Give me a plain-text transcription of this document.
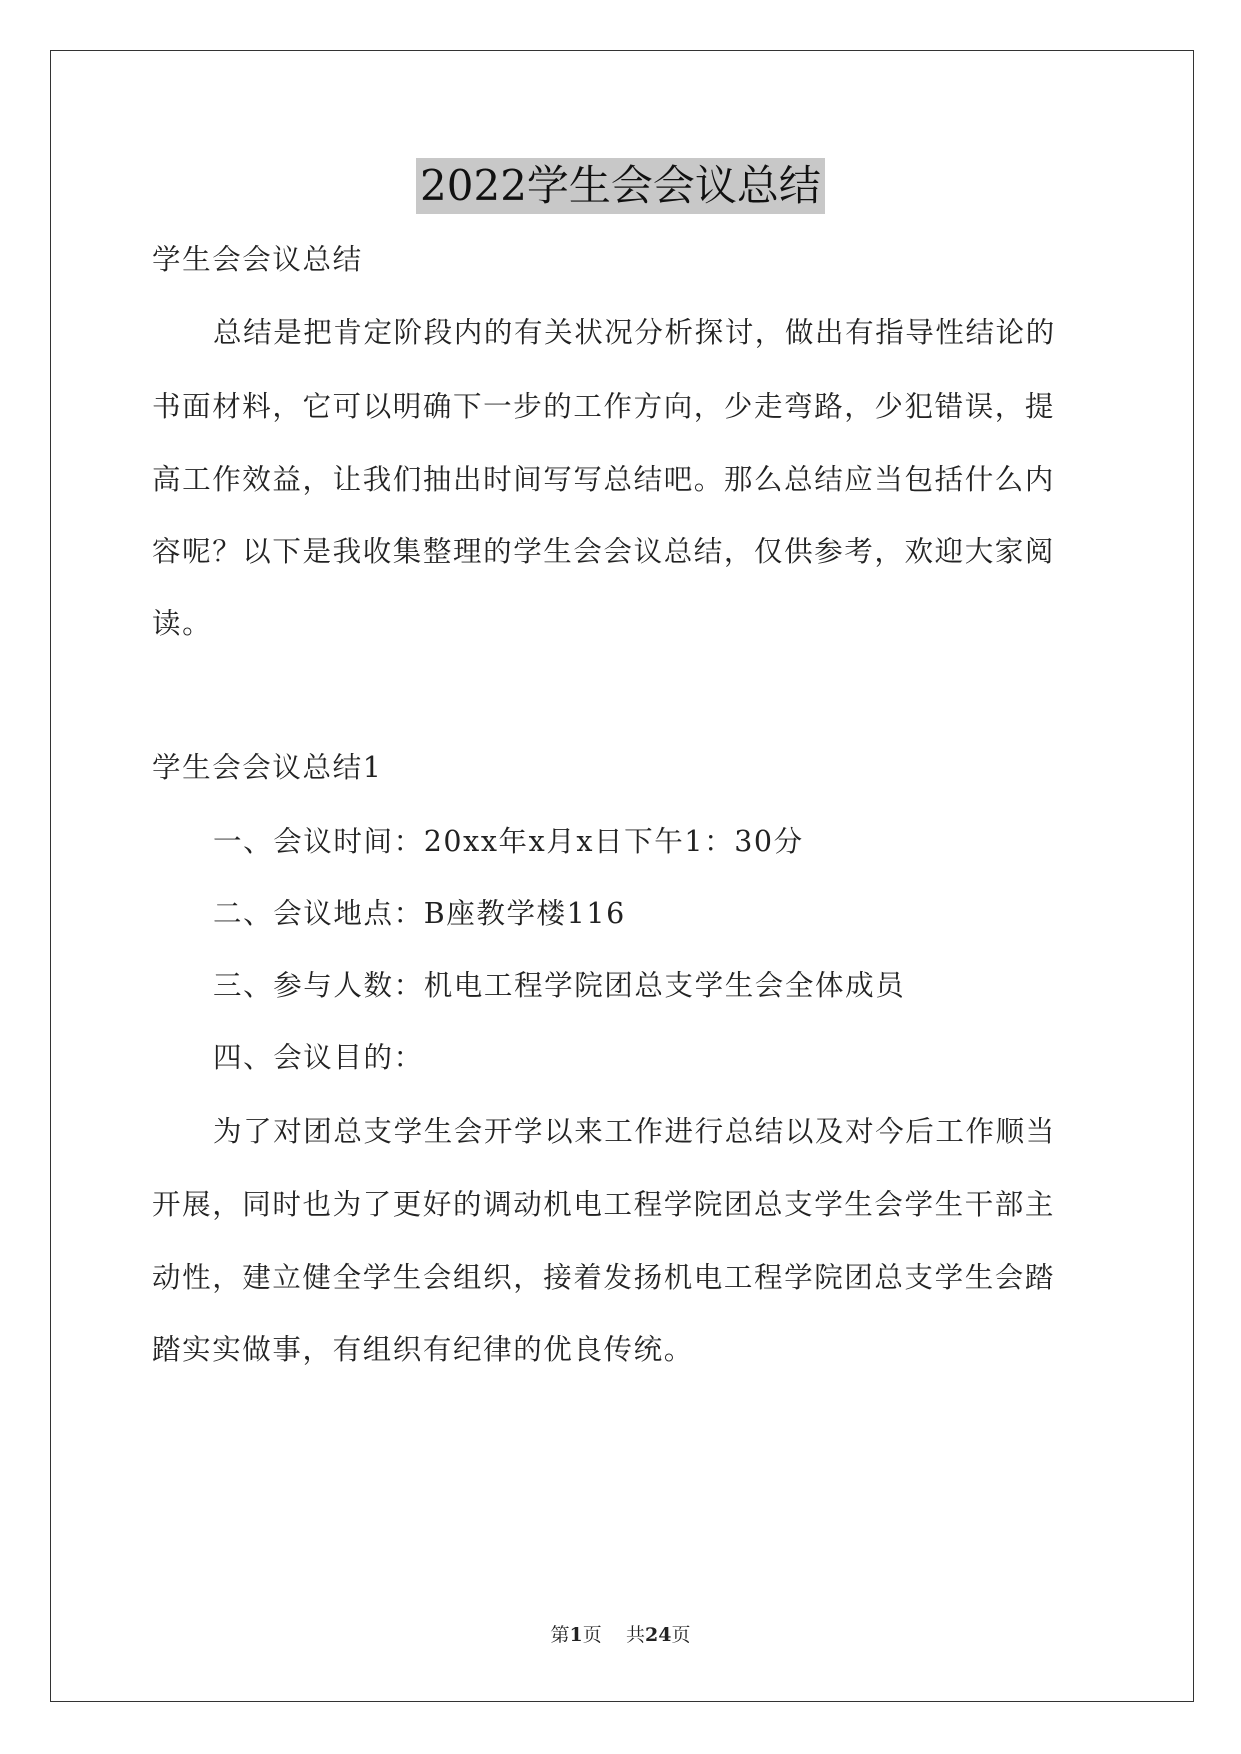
2022学生会会议总结
学生会会议总结
总结是把肯定阶段内的有关状况分析探讨，做出有指导性结论的
书面材料，它可以明确下一步的工作方向，少走弯路，少犯错误，提
高工作效益，让我们抽出时间写写总结吧。那么总结应当包括什么内
容呢？以下是我收集整理的学生会会议总结，仅供参考，欢迎大家阅
读。
学生会会议总结1
一、会议时间：20xx年x月x日下午1：30分
二、会议地点：B座教学楼116
三、参与人数：机电工程学院团总支学生会全体成员
四、会议目的：
为了对团总支学生会开学以来工作进行总结以及对今后工作顺当
开展，同时也为了更好的调动机电工程学院团总支学生会学生干部主
动性，建立健全学生会组织，接着发扬机电工程学院团总支学生会踏
踏实实做事，有组织有纪律的优良传统。
第1页 共24页
